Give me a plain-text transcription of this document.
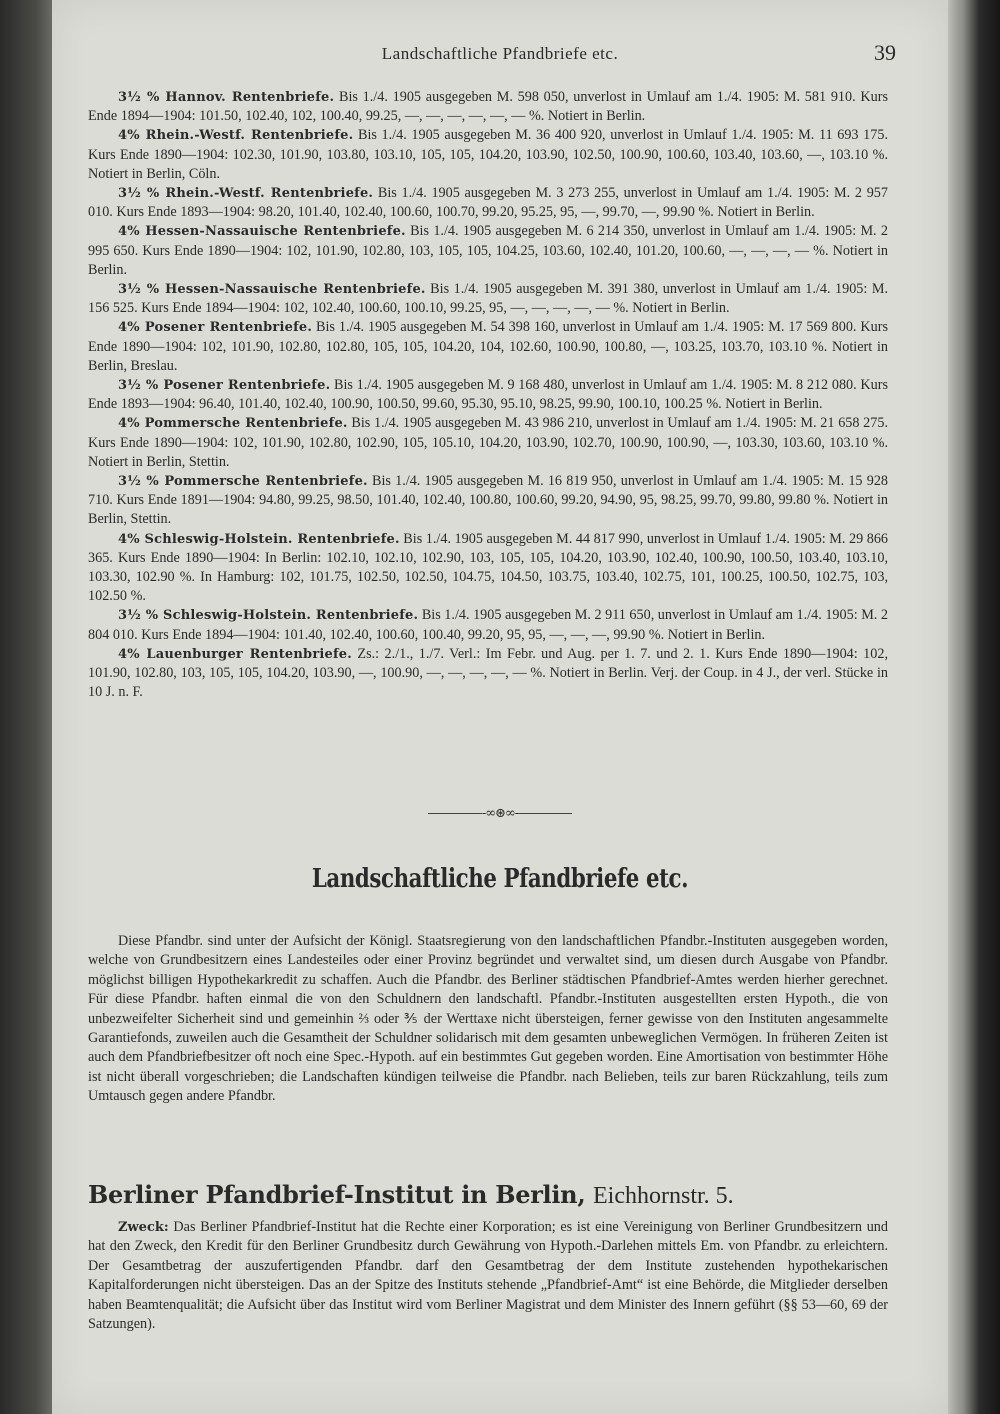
Landschaftliche Pfandbriefe etc.	39

3½ % Hannov. Rentenbriefe. Bis 1./4. 1905 ausgegeben M. 598 050, unverlost in Umlauf am 1./4. 1905: M. 581 910. Kurs Ende 1894—1904: 101.50, 102.40, 102, 100.40, 99.25, —, —, —, —, —, — %. Notiert in Berlin.

4% Rhein.-Westf. Rentenbriefe. Bis 1./4. 1905 ausgegeben M. 36 400 920, unverlost in Umlauf 1./4. 1905: M. 11 693 175. Kurs Ende 1890—1904: 102.30, 101.90, 103.80, 103.10, 105, 105, 104.20, 103.90, 102.50, 100.90, 100.60, 103.40, 103.60, —, 103.10 %. Notiert in Berlin, Cöln.

3½ % Rhein.-Westf. Rentenbriefe. Bis 1./4. 1905 ausgegeben M. 3 273 255, unverlost in Umlauf am 1./4. 1905: M. 2 957 010. Kurs Ende 1893—1904: 98.20, 101.40, 102.40, 100.60, 100.70, 99.20, 95.25, 95, —, 99.70, —, 99.90 %. Notiert in Berlin.

4% Hessen-Nassauische Rentenbriefe. Bis 1./4. 1905 ausgegeben M. 6 214 350, unverlost in Umlauf am 1./4. 1905: M. 2 995 650. Kurs Ende 1890—1904: 102, 101.90, 102.80, 103, 105, 105, 104.25, 103.60, 102.40, 101.20, 100.60, —, —, —, — %. Notiert in Berlin.

3½ % Hessen-Nassauische Rentenbriefe. Bis 1./4. 1905 ausgegeben M. 391 380, unverlost in Umlauf am 1./4. 1905: M. 156 525. Kurs Ende 1894—1904: 102, 102.40, 100.60, 100.10, 99.25, 95, —, —, —, —, — %. Notiert in Berlin.

4% Posener Rentenbriefe. Bis 1./4. 1905 ausgegeben M. 54 398 160, unverlost in Umlauf am 1./4. 1905: M. 17 569 800. Kurs Ende 1890—1904: 102, 101.90, 102.80, 102.80, 105, 105, 104.20, 104, 102.60, 100.90, 100.80, —, 103.25, 103.70, 103.10 %. Notiert in Berlin, Breslau.

3½ % Posener Rentenbriefe. Bis 1./4. 1905 ausgegeben M. 9 168 480, unverlost in Umlauf am 1./4. 1905: M. 8 212 080. Kurs Ende 1893—1904: 96.40, 101.40, 102.40, 100.90, 100.50, 99.60, 95.30, 95.10, 98.25, 99.90, 100.10, 100.25 %. Notiert in Berlin.

4% Pommersche Rentenbriefe. Bis 1./4. 1905 ausgegeben M. 43 986 210, unverlost in Umlauf am 1./4. 1905: M. 21 658 275. Kurs Ende 1890—1904: 102, 101.90, 102.80, 102.90, 105, 105.10, 104.20, 103.90, 102.70, 100.90, 100.90, —, 103.30, 103.60, 103.10 %. Notiert in Berlin, Stettin.

3½ % Pommersche Rentenbriefe. Bis 1./4. 1905 ausgegeben M. 16 819 950, unverlost in Umlauf am 1./4. 1905: M. 15 928 710. Kurs Ende 1891—1904: 94.80, 99.25, 98.50, 101.40, 102.40, 100.80, 100.60, 99.20, 94.90, 95, 98.25, 99.70, 99.80, 99.80 %. Notiert in Berlin, Stettin.

4% Schleswig-Holstein. Rentenbriefe. Bis 1./4. 1905 ausgegeben M. 44 817 990, unverlost in Umlauf 1./4. 1905: M. 29 866 365. Kurs Ende 1890—1904: In Berlin: 102.10, 102.10, 102.90, 103, 105, 105, 104.20, 103.90, 102.40, 100.90, 100.50, 103.40, 103.10, 103.30, 102.90 %. In Hamburg: 102, 101.75, 102.50, 102.50, 104.75, 104.50, 103.75, 103.40, 102.75, 101, 100.25, 100.50, 102.75, 103, 102.50 %.

3½ % Schleswig-Holstein. Rentenbriefe. Bis 1./4. 1905 ausgegeben M. 2 911 650, unverlost in Umlauf am 1./4. 1905: M. 2 804 010. Kurs Ende 1894—1904: 101.40, 102.40, 100.60, 100.40, 99.20, 95, 95, —, —, —, 99.90 %. Notiert in Berlin.

4% Lauenburger Rentenbriefe. Zs.: 2./1., 1./7. Verl.: Im Febr. und Aug. per 1. 7. und 2. 1. Kurs Ende 1890—1904: 102, 101.90, 102.80, 103, 105, 105, 104.20, 103.90, —, 100.90, —, —, —, —, — %. Notiert in Berlin. Verj. der Coup. in 4 J., der verl. Stücke in 10 J. n. F.

-∞⊛∞-
Landschaftliche Pfandbriefe etc.

Diese Pfandbr. sind unter der Aufsicht der Königl. Staatsregierung von den landschaftlichen Pfandbr.-Instituten ausgegeben worden, welche von Grundbesitzern eines Landesteiles oder einer Provinz begründet und verwaltet sind, um diesen durch Ausgabe von Pfandbr. möglichst billigen Hypothekarkredit zu schaffen. Auch die Pfandbr. des Berliner städtischen Pfandbrief-Amtes werden hierher gerechnet. Für diese Pfandbr. haften einmal die von den Schuldnern den landschaftl. Pfandbr.-Instituten ausgestellten ersten Hypoth., die von unbezweifelter Sicherheit sind und gemeinhin ⅔ oder ⅗ der Werttaxe nicht übersteigen, ferner gewisse von den Instituten angesammelte Garantiefonds, zuweilen auch die Gesamtheit der Schuldner solidarisch mit dem gesamten unbeweglichen Vermögen. In früheren Zeiten ist auch dem Pfandbriefbesitzer oft noch eine Spec.-Hypoth. auf ein bestimmtes Gut gegeben worden. Eine Amortisation von bestimmter Höhe ist nicht überall vorgeschrieben; die Landschaften kündigen teilweise die Pfandbr. nach Belieben, teils zur baren Rückzahlung, teils zum Umtausch gegen andere Pfandbr.

Berliner Pfandbrief-Institut in Berlin, Eichhornstr. 5.

Zweck: Das Berliner Pfandbrief-Institut hat die Rechte einer Korporation; es ist eine Vereinigung von Berliner Grundbesitzern und hat den Zweck, den Kredit für den Berliner Grundbesitz durch Gewährung von Hypoth.-Darlehen mittels Em. von Pfandbr. zu erleichtern. Der Gesamtbetrag der auszufertigenden Pfandbr. darf den Gesamtbetrag der dem Institute zustehenden hypothekarischen Kapitalforderungen nicht übersteigen. Das an der Spitze des Instituts stehende „Pfandbrief-Amt“ ist eine Behörde, die Mitglieder derselben haben Beamtenqualität; die Aufsicht über das Institut wird vom Berliner Magistrat und dem Minister des Innern geführt (§§ 53—60, 69 der Satzungen).
